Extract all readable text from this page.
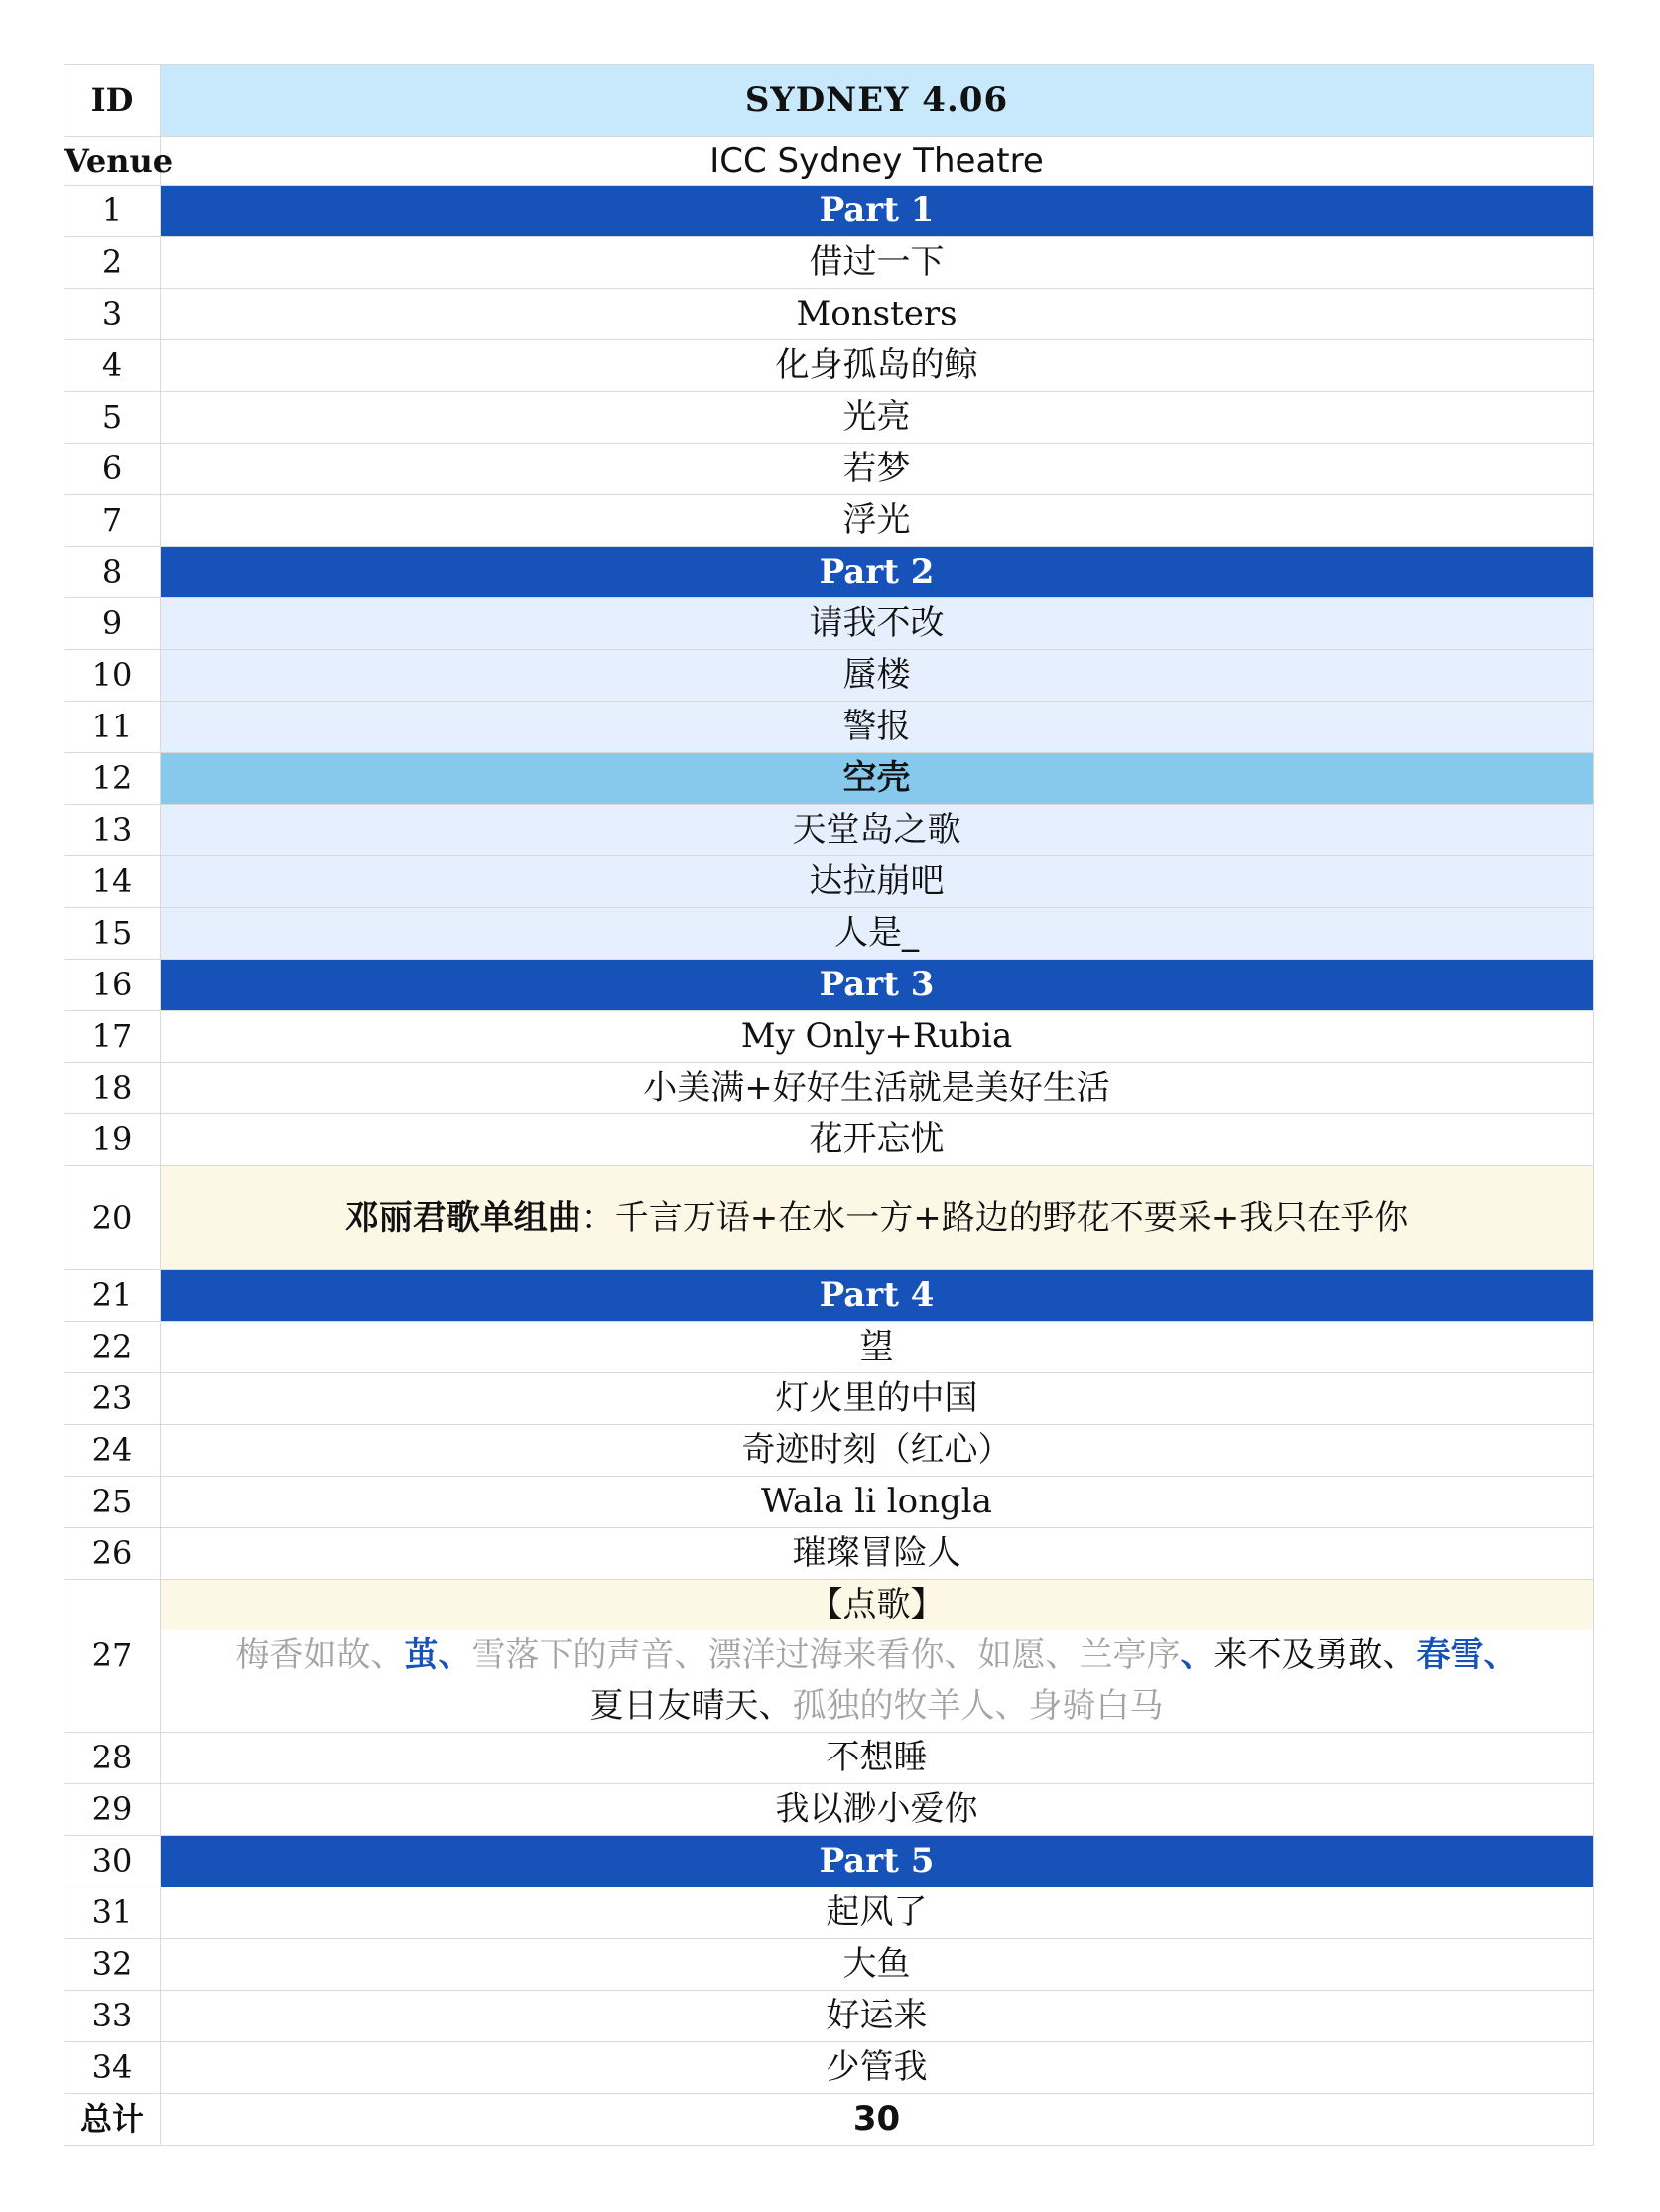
ID	SYDNEY 4.06
Venue	ICC Sydney Theatre
1	Part 1
2	借过一下
3	Monsters
4	化身孤岛的鲸
5	光亮
6	若梦
7	浮光
8	Part 2
9	请我不改
10	蜃楼
11	警报
12	空壳
13	天堂岛之歌
14	达拉崩吧
15	人是_
16	Part 3
17	My Only+Rubia
18	小美满+好好生活就是美好生活
19	花开忘忧
20	邓丽君歌单组曲：千言万语+在水一方+路边的野花不要采+我只在乎你
21	Part 4
22	望
23	灯火里的中国
24	奇迹时刻（红心）
25	Wala li longla
26	璀璨冒险人
27	【点歌】
梅香如故、茧、雪落下的声音、漂洋过海来看你、如愿、兰亭序、来不及勇敢、春雪、
夏日友晴天、孤独的牧羊人、身骑白马

28	不想睡
29	我以渺小爱你
30	Part 5
31	起风了
32	大鱼
33	好运来
34	少管我
总计	30
